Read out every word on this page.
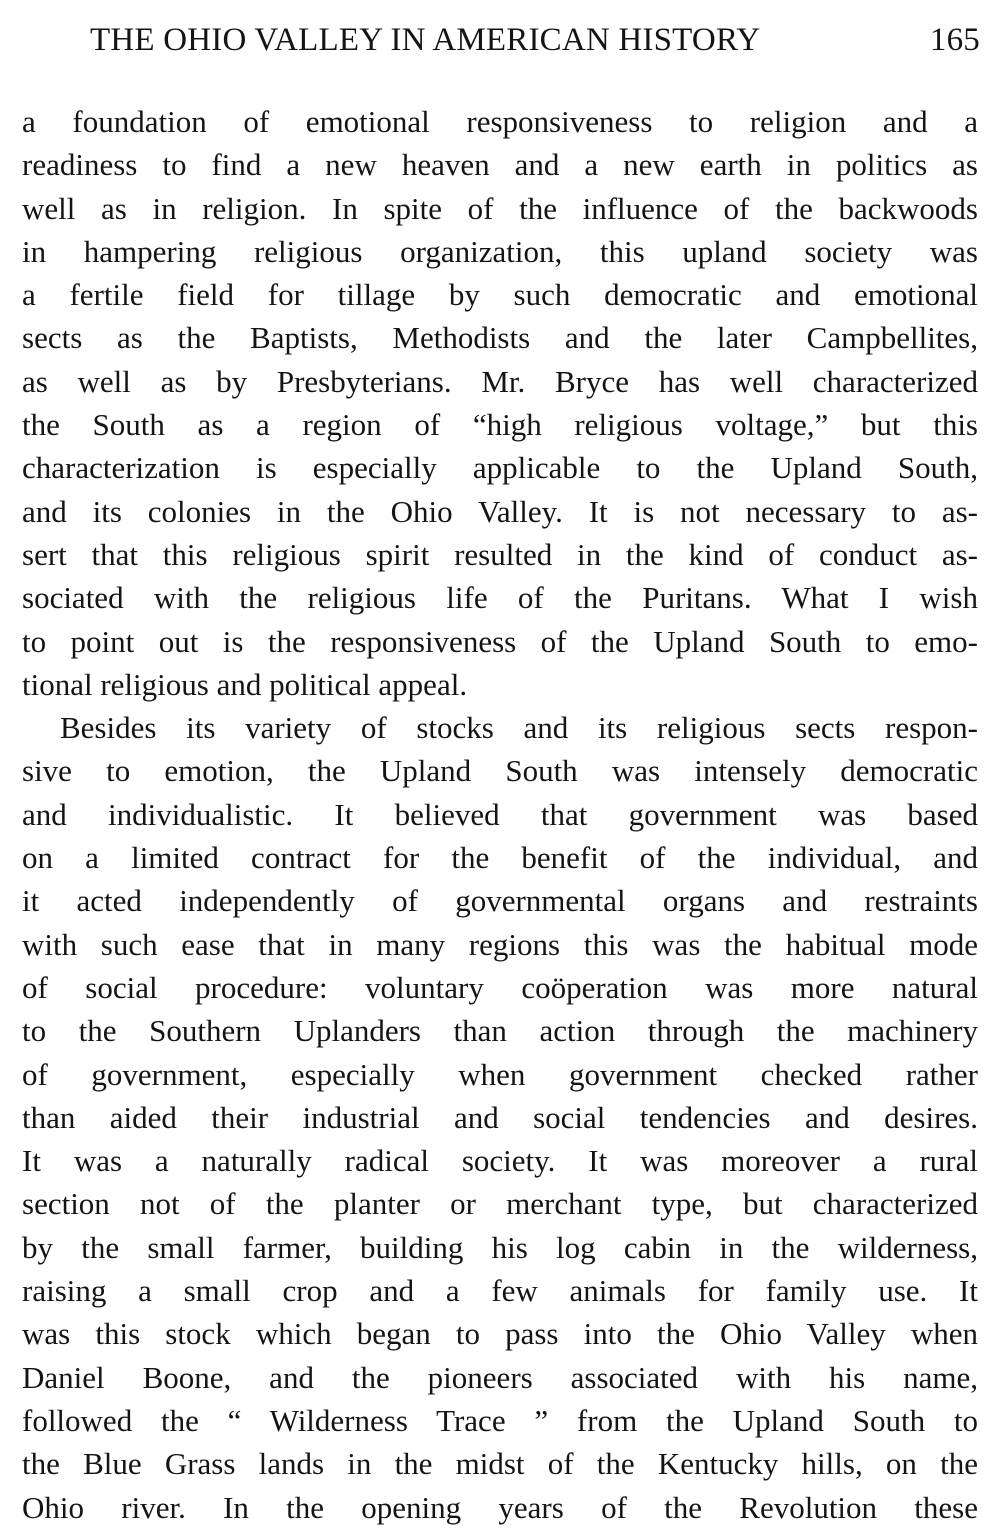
THE OHIO VALLEY IN AMERICAN HISTORY	165
a foundation of emotional responsiveness to religion and a
readiness to find a new heaven and a new earth in politics as
well as in religion. In spite of the influence of the backwoods
in hampering religious organization, this upland society was
a fertile field for tillage by such democratic and emotional
sects as the Baptists, Methodists and the later Campbellites,
as well as by Presbyterians. Mr. Bryce has well characterized
the South as a region of “high religious voltage,” but this
characterization is especially applicable to the Upland South,
and its colonies in the Ohio Valley. It is not necessary to as-
sert that this religious spirit resulted in the kind of conduct as-
sociated with the religious life of the Puritans. What I wish
to point out is the responsiveness of the Upland South to emo-
tional religious and political appeal.
Besides its variety of stocks and its religious sects respon-
sive to emotion, the Upland South was intensely democratic
and individualistic. It believed that government was based
on a limited contract for the benefit of the individual, and
it acted independently of governmental organs and restraints
with such ease that in many regions this was the habitual mode
of social procedure: voluntary coöperation was more natural
to the Southern Uplanders than action through the machinery
of government, especially when government checked rather
than aided their industrial and social tendencies and desires.
It was a naturally radical society. It was moreover a rural
section not of the planter or merchant type, but characterized
by the small farmer, building his log cabin in the wilderness,
raising a small crop and a few animals for family use. It
was this stock which began to pass into the Ohio Valley when
Daniel Boone, and the pioneers associated with his name,
followed the “ Wilderness Trace ” from the Upland South to
the Blue Grass lands in the midst of the Kentucky hills, on the
Ohio river. In the opening years of the Revolution these
